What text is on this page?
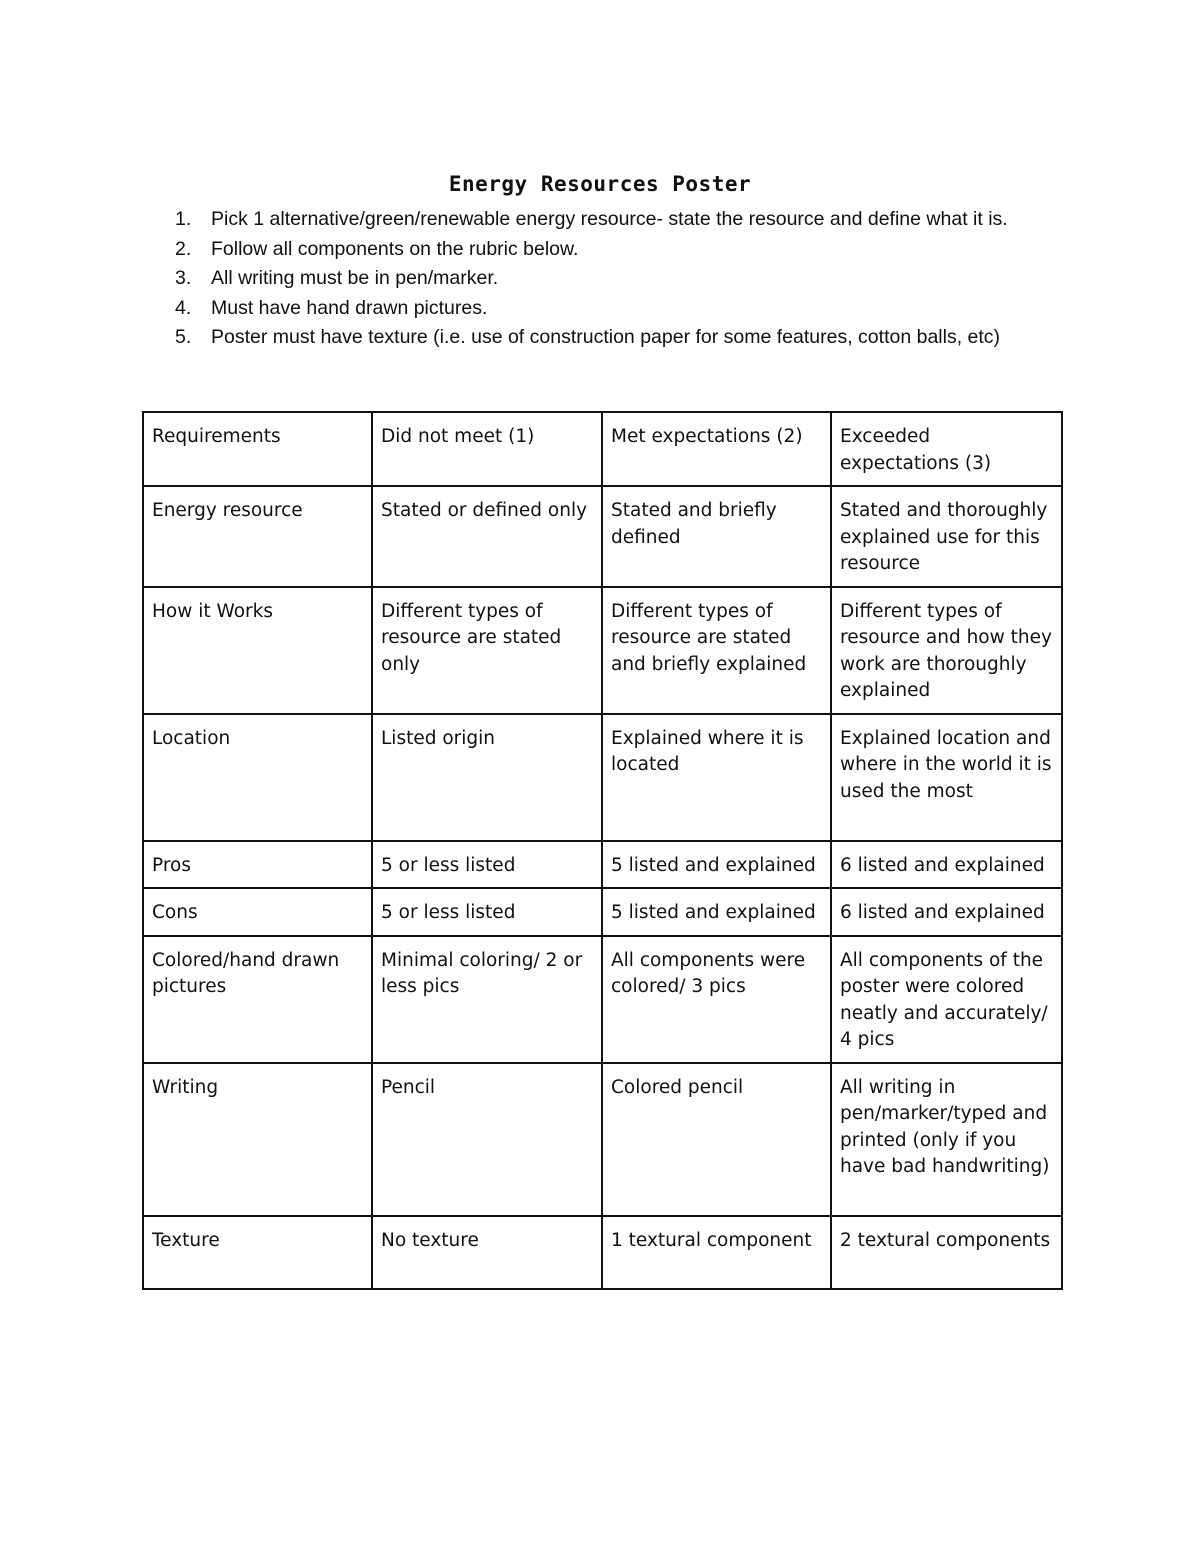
Energy Resources Poster
1. Pick 1 alternative/green/renewable energy resource- state the resource and define what it is.
2. Follow all components on the rubric below.
3. All writing must be in pen/marker.
4. Must have hand drawn pictures.
5. Poster must have texture (i.e. use of construction paper for some features, cotton balls, etc)
Requirements	Did not meet (1)	Met expectations (2)	Exceeded expectations (3)
Energy resource	Stated or defined only	Stated and briefly defined	Stated and thoroughly explained use for this resource
How it Works	Different types of resource are stated only	Different types of resource are stated and briefly explained	Different types of resource and how they work are thoroughly explained
Location	Listed origin	Explained where it is located	Explained location and where in the world it is used the most
Pros	5 or less listed	5 listed and explained	6 listed and explained
Cons	5 or less listed	5 listed and explained	6 listed and explained
Colored/hand drawn pictures	Minimal coloring/ 2 or less pics	All components were colored/ 3 pics	All components of the poster were colored neatly and accurately/ 4 pics
Writing	Pencil	Colored pencil	All writing in pen/marker/typed and printed (only if you have bad handwriting)
Texture	No texture	1 textural component	2 textural components
